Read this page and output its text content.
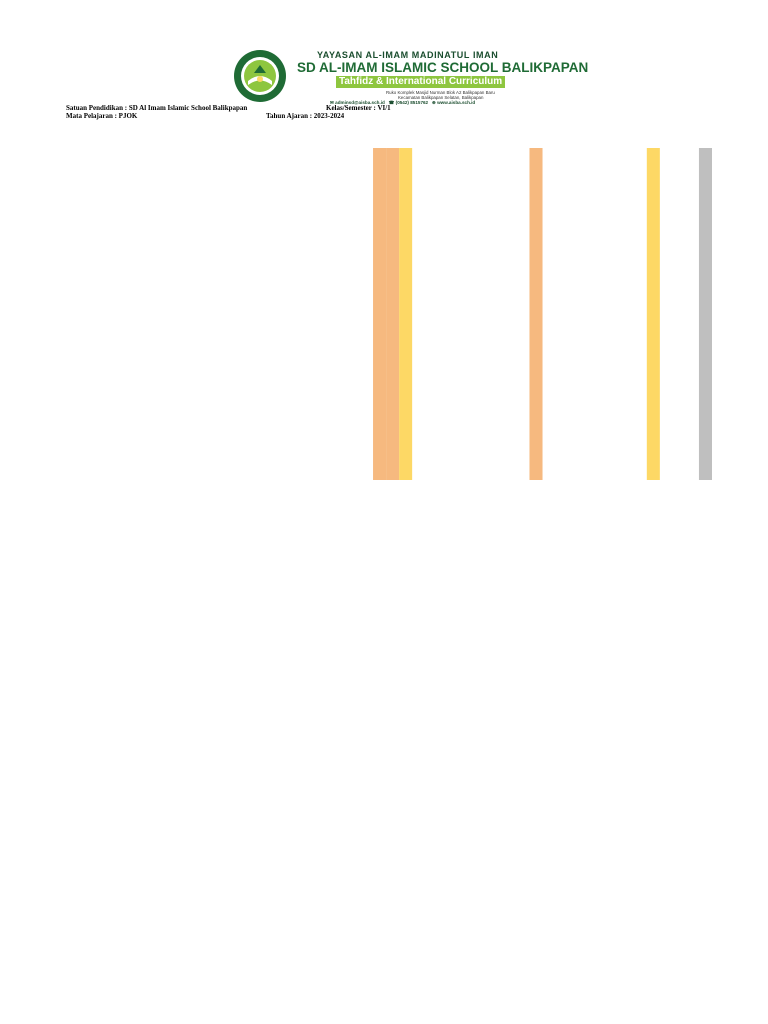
YAYASAN AL-IMAM MADINATUL IMAN
SD AL-IMAM ISLAMIC SCHOOL BALIKPAPAN
Tahfidz & International Curriculum
Ruko Komplek Masjid Nurman Blok A2 Balikpapan Baru
Kecamatan Balikpapan Selatan, Balikpapan
✉ adminsd@aisba.sch.id ☎ (0542) 8515762 ⊕ www.aisba.sch.id
Satuan Pendidikan : SD Al Imam Islamic School Balikpapan
Mata Pelajaran : PJOK
Kelas/Semester : VI/1
Tahun Ajaran : 2023-2024
